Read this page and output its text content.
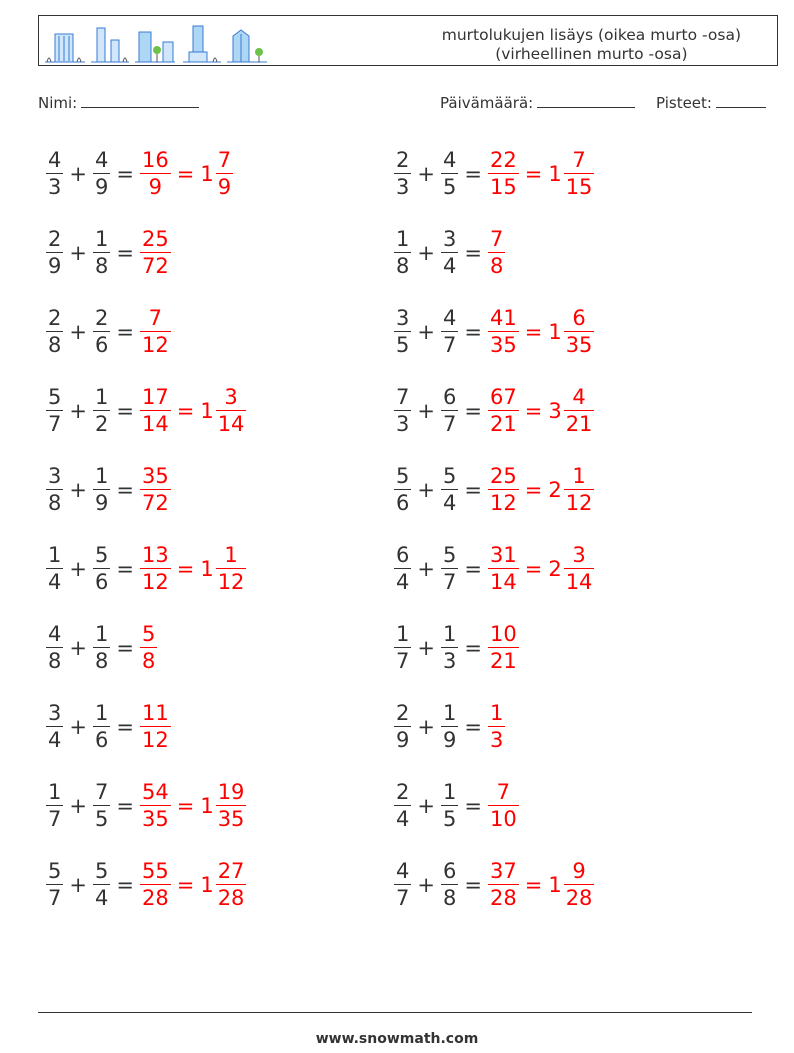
murtolukujen lisäys (oikea murto -osa)
(virheellinen murto -osa)
Nimi:	Päivämäärä:	Pisteet:
$\frac{4}{3} + \frac{4}{9} = \frac{16}{9} = 1 \frac{7}{9}$	$\frac{2}{3} + \frac{4}{5} = \frac{22}{15} = 1 \frac{7}{15}$
$\frac{2}{9} + \frac{1}{8} = \frac{25}{72}$	$\frac{1}{8} + \frac{3}{4} = \frac{7}{8}$
$\frac{2}{8} + \frac{2}{6} = \frac{7}{12}$	$\frac{3}{5} + \frac{4}{7} = \frac{41}{35} = 1 \frac{6}{35}$
$\frac{5}{7} + \frac{1}{2} = \frac{17}{14} = 1 \frac{3}{14}$	$\frac{7}{3} + \frac{6}{7} = \frac{67}{21} = 3 \frac{4}{21}$
$\frac{3}{8} + \frac{1}{9} = \frac{35}{72}$	$\frac{5}{6} + \frac{5}{4} = \frac{25}{12} = 2 \frac{1}{12}$
$\frac{1}{4} + \frac{5}{6} = \frac{13}{12} = 1 \frac{1}{12}$	$\frac{6}{4} + \frac{5}{7} = \frac{31}{14} = 2 \frac{3}{14}$
$\frac{4}{8} + \frac{1}{8} = \frac{5}{8}$	$\frac{1}{7} + \frac{1}{3} = \frac{10}{21}$
$\frac{3}{4} + \frac{1}{6} = \frac{11}{12}$	$\frac{2}{9} + \frac{1}{9} = \frac{1}{3}$
$\frac{1}{7} + \frac{7}{5} = \frac{54}{35} = 1 \frac{19}{35}$	$\frac{2}{4} + \frac{1}{5} = \frac{7}{10}$
$\frac{5}{7} + \frac{5}{4} = \frac{55}{28} = 1 \frac{27}{28}$	$\frac{4}{7} + \frac{6}{8} = \frac{37}{28} = 1 \frac{9}{28}$
www.snowmath.com
